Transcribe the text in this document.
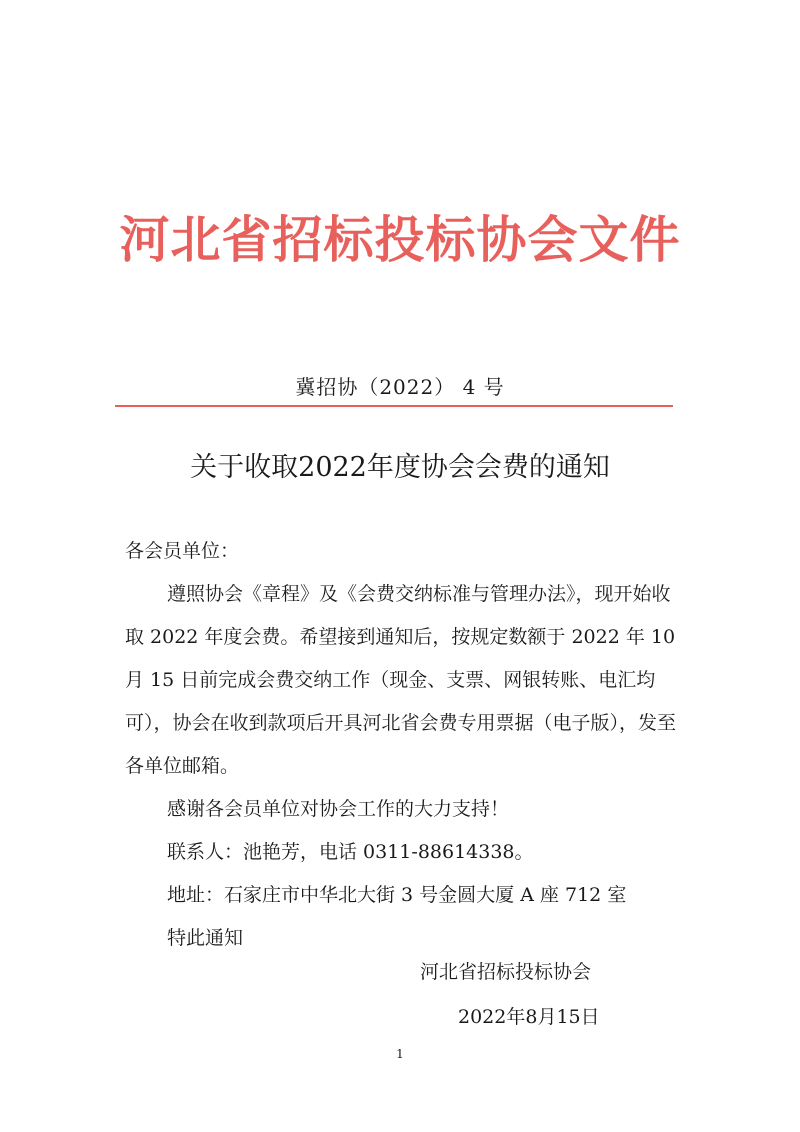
河北省招标投标协会文件
冀招协（2022） 4 号
关于收取2022年度协会会费的通知

各会员单位：

遵照协会《章程》及《会费交纳标准与管理办法》，现开始收取 2022 年度会费。希望接到通知后，按规定数额于 2022 年 10 月 15 日前完成会费交纳工作（现金、支票、网银转账、电汇均可），协会在收到款项后开具河北省会费专用票据（电子版），发至各单位邮箱。

感谢各会员单位对协会工作的大力支持！

联系人：池艳芳，电话 0311-88614338。

地址：石家庄市中华北大街 3 号金圆大厦 A 座 712 室

特此通知

河北省招标投标协会
2022年8月15日
1
